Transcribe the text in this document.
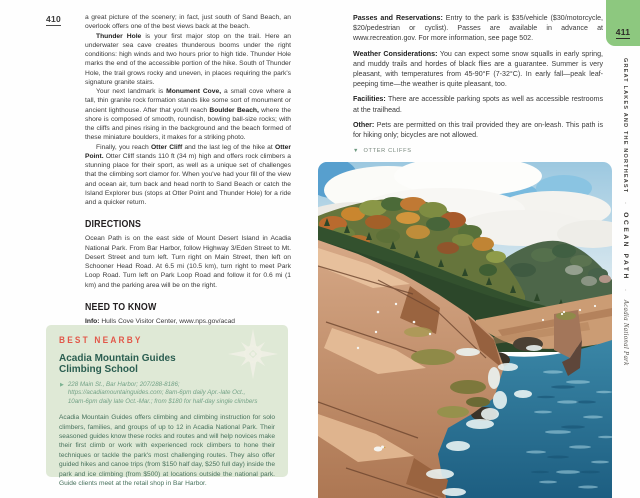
410	a great picture of the scenery; in fact, just south of Sand Beach, an overlook offers one of the best views back at the beach.

Thunder Hole is your first major stop on the trail. Here an underwater sea cave creates thunderous booms under the right conditions: high winds and two hours prior to high tide. Thunder Hole marks the end of the accessible portion of the hike. South of Thunder Hole, the trail grows rocky and uneven, in places requiring the park's signature granite stairs.

Your next landmark is Monument Cove, a small cove where a tall, thin granite rock formation stands like some sort of monument or ancient lighthouse. After that you'll reach Boulder Beach, where the shore is composed of smooth, roundish, bowling ball-size rocks; with the cliffs and pines rising in the background and the beach formed of these miniature boulders, it makes for a striking photo.

Finally, you reach Otter Cliff and the last leg of the hike at Otter Point. Otter Cliff stands 110 ft (34 m) high and offers rock climbers a stunning place for their sport, as well as a unique set of challenges that the climbing sort clamor for. When you've had your fill of the view and ocean air, turn back and head north to Sand Beach or catch the Island Explorer bus (stops at Otter Point and Thunder Hole) for a ride and a quicker return.

DIRECTIONS

Ocean Path is on the east side of Mount Desert Island in Acadia National Park. From Bar Harbor, follow Highway 3/Eden Street to Mt. Desert Street and turn left. Turn right on Main Street, then left on Schooner Head Road. At 6.5 mi (10.5 km), turn right to meet Park Loop Road. Turn left on Park Loop Road and follow it for 0.6 mi (1 km) and the parking area will be on the right.

NEED TO KNOW

Info: Hulls Cove Visitor Center, www.nps.gov/acad

BEST NEARBY
Acadia Mountain Guides
Climbing School
▶ 228 Main St., Bar Harbor; 207/288-8186; https://acadiamountainguides.com; 8am-6pm daily Apr.-late Oct., 10am-6pm daily late Oct.-Mar.; from $180 for half-day single climbers
Acadia Mountain Guides offers climbing and climbing instruction for solo climbers, families, and groups of up to 12 in Acadia National Park. Their seasoned guides know these rocks and routes and will help novices make their first climb or work with experienced rock climbers to hone their techniques or tackle the park's most challenging routes. They also offer guided hikes and canoe trips (from $150 half day, $250 full day) inside the park and ice climbing (from $500) at locations outside the national park. Guide clients meet at the retail shop in Bar Harbor.
411
GREAT LAKES AND THE NORTHEAST · OCEAN PATH · Acadia National Park

Passes and Reservations: Entry to the park is $35/vehicle ($30/motorcycle, $20/pedestrian or cyclist). Passes are available in advance at www.recreation.gov. For more information, see page 502.

Weather Considerations: You can expect some snow squalls in early spring, and muddy trails and hordes of black flies are a guarantee. Summer is very pleasant, with temperatures from 45-90°F (7-32°C). In early fall—peak leaf-peeping time—the weather is quite pleasant, too.

Facilities: There are accessible parking spots as well as accessible restrooms at the trailhead.

Other: Pets are permitted on this trail provided they are on-leash. This path is for hiking only; bicycles are not allowed.

▼ OTTER CLIFFS
